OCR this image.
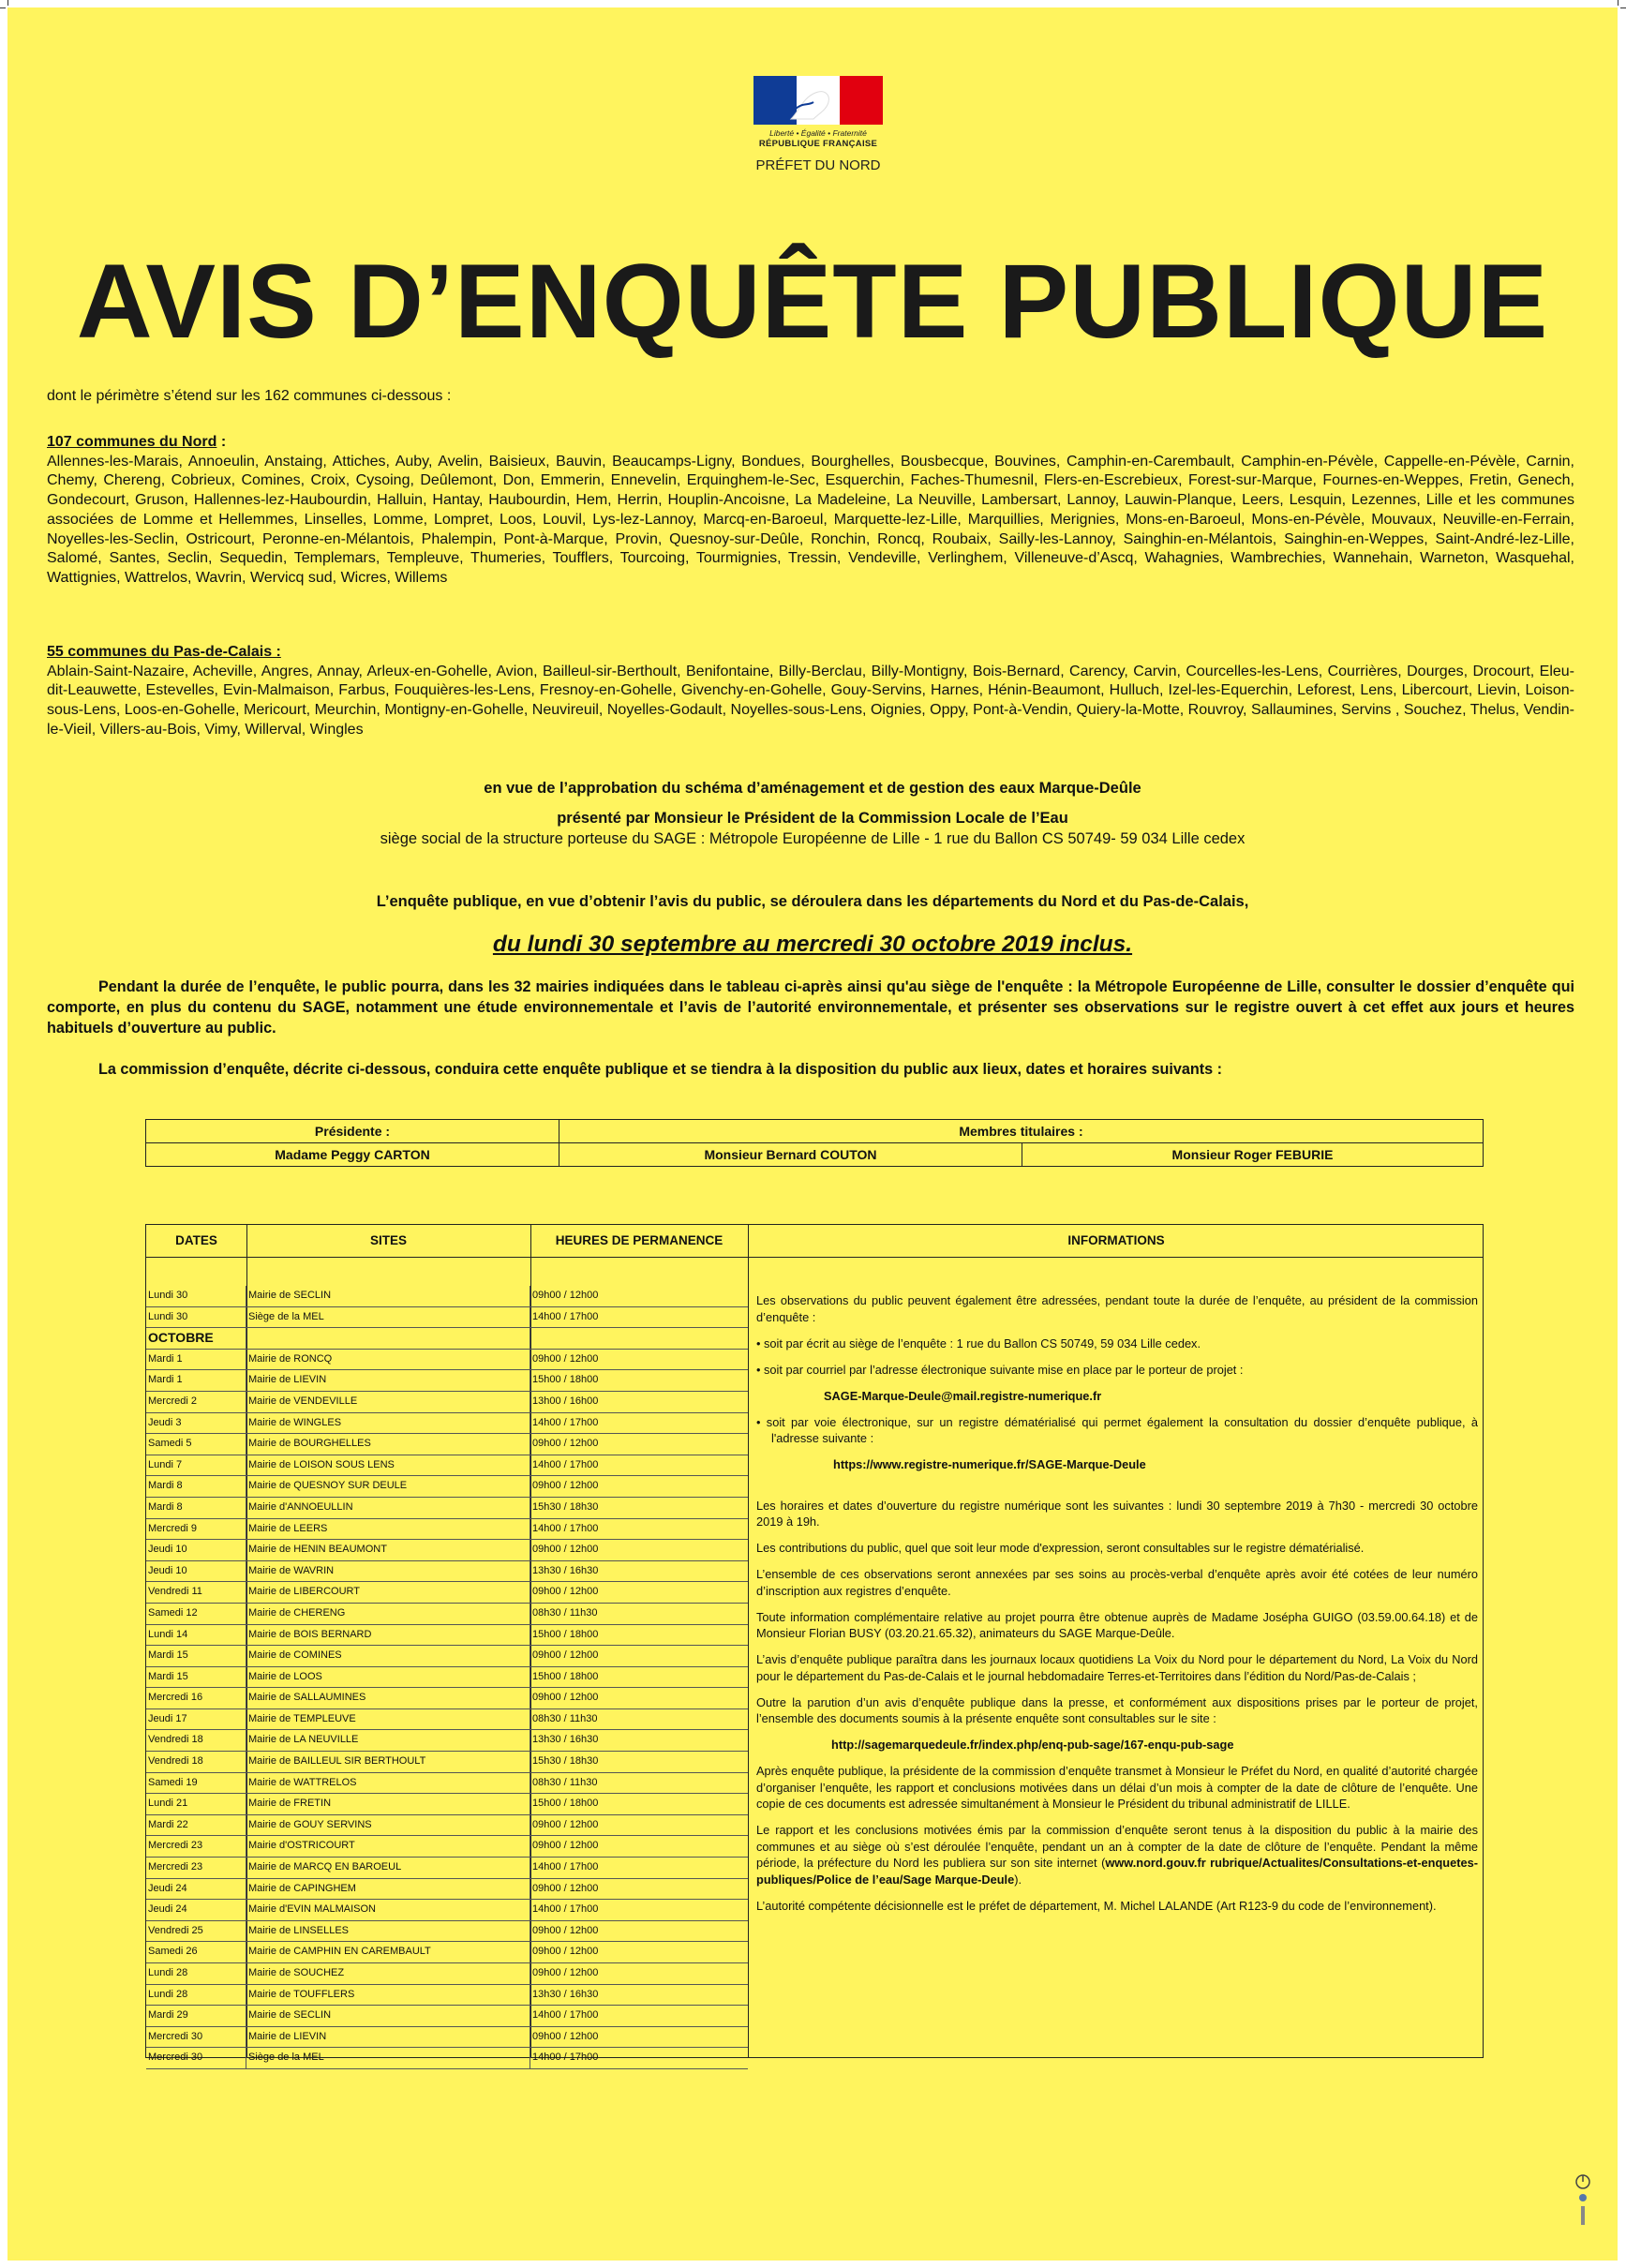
Liberté • Égalité • Fraternité
RÉPUBLIQUE FRANÇAISE
PRÉFET DU NORD
AVIS D’ENQUÊTE PUBLIQUE
dont le périmètre s’étend sur les 162 communes ci-dessous :
107 communes du Nord :
Allennes-les-Marais, Annoeulin, Anstaing, Attiches, Auby, Avelin, Baisieux, Bauvin, Beaucamps-Ligny, Bondues, Bourghelles, Bousbecque, Bouvines, Camphin-en-Carembault, Camphin-en-Pévèle, Cappelle-en-Pévèle, Carnin, Chemy, Chereng, Cobrieux, Comines, Croix, Cysoing, Deûlemont, Don, Emmerin, Ennevelin, Erquinghem-le-Sec, Esquerchin, Faches-Thumesnil, Flers-en-Escrebieux, Forest-sur-Marque, Fournes-en-Weppes, Fretin, Genech, Gondecourt, Gruson, Hallennes-lez-Haubourdin, Halluin, Hantay, Haubourdin, Hem, Herrin, Houplin-Ancoisne, La Madeleine, La Neuville, Lambersart, Lannoy, Lauwin-Planque, Leers, Lesquin, Lezennes, Lille et les communes associées de Lomme et Hellemmes, Linselles, Lomme, Lompret, Loos, Louvil, Lys-lez-Lannoy, Marcq-en-Baroeul, Marquette-lez-Lille, Marquillies, Merignies, Mons-en-Baroeul, Mons-en-Pévèle, Mouvaux, Neuville-en-Ferrain, Noyelles-les-Seclin, Ostricourt, Peronne-en-Mélantois, Phalempin, Pont-à-Marque, Provin, Quesnoy-sur-Deûle, Ronchin, Roncq, Roubaix, Sailly-les-Lannoy, Sainghin-en-Mélantois, Sainghin-en-Weppes, Saint-André-lez-Lille, Salomé, Santes, Seclin, Sequedin, Templemars, Templeuve, Thumeries, Toufflers, Tourcoing, Tourmignies, Tressin, Vendeville, Verlinghem, Villeneuve-d’Ascq, Wahagnies, Wambrechies, Wannehain, Warneton, Wasquehal, Wattignies, Wattrelos, Wavrin, Wervicq sud, Wicres, Willems
55 communes du Pas-de-Calais :
Ablain-Saint-Nazaire, Acheville, Angres, Annay, Arleux-en-Gohelle, Avion, Bailleul-sir-Berthoult, Benifontaine, Billy-Berclau, Billy-Montigny, Bois-Bernard, Carency, Carvin, Courcelles-les-Lens, Courrières, Dourges, Drocourt, Eleu-dit-Leauwette, Estevelles, Evin-Malmaison, Farbus, Fouquières-les-Lens, Fresnoy-en-Gohelle, Givenchy-en-Gohelle, Gouy-Servins, Harnes, Hénin-Beaumont, Hulluch, Izel-les-Equerchin, Leforest, Lens, Libercourt, Lievin, Loison-sous-Lens, Loos-en-Gohelle, Mericourt, Meurchin, Montigny-en-Gohelle, Neuvireuil, Noyelles-Godault, Noyelles-sous-Lens, Oignies, Oppy, Pont-à-Vendin, Quiery-la-Motte, Rouvroy, Sallaumines, Servins , Souchez, Thelus, Vendin-le-Vieil, Villers-au-Bois, Vimy, Willerval, Wingles
en vue de l’approbation du schéma d’aménagement et de gestion des eaux Marque-Deûle
présenté par Monsieur le Président de la Commission Locale de l’Eau
siège social de la structure porteuse du SAGE : Métropole Européenne de Lille - 1 rue du Ballon CS 50749- 59 034 Lille cedex
L’enquête publique, en vue d’obtenir l’avis du public, se déroulera dans les départements du Nord et du Pas-de-Calais,
du lundi 30 septembre au mercredi 30 octobre 2019 inclus.
Pendant la durée de l’enquête, le public pourra, dans les 32 mairies indiquées dans le tableau ci-après ainsi qu'au siège de l'enquête : la Métropole Européenne de Lille, consulter le dossier d’enquête qui comporte, en plus du contenu du SAGE, notamment une étude environnementale et l’avis de l’autorité environnementale, et présenter ses observations sur le registre ouvert à cet effet aux jours et heures habituels d’ouverture au public.
La commission d’enquête, décrite ci-dessous, conduira cette enquête publique et se tiendra à la disposition du public aux lieux, dates et horaires suivants :
Présidente :	Membres titulaires :	
Madame Peggy CARTON	Monsieur Bernard COUTON	Monsieur Roger FEBURIE
DATES	SITES	HEURES DE PERMANENCE	INFORMATIONS
Lundi 30	Mairie de SECLIN	09h00 / 12h00
Lundi 30	Siège de la MEL	14h00 / 17h00
OCTOBRE
Mardi 1	Mairie de RONCQ	09h00 / 12h00
Mardi 1	Mairie de LIEVIN	15h00 / 18h00
Mercredi 2	Mairie de VENDEVILLE	13h00 / 16h00
Jeudi 3	Mairie de WINGLES	14h00 / 17h00
Samedi 5	Mairie de BOURGHELLES	09h00 / 12h00
Lundi 7	Mairie de LOISON SOUS LENS	14h00 / 17h00
Mardi 8	Mairie de QUESNOY SUR DEULE	09h00 / 12h00
Mardi 8	Mairie d'ANNOEULLIN	15h30 / 18h30
Mercredi 9	Mairie de LEERS	14h00 / 17h00
Jeudi 10	Mairie de HENIN BEAUMONT	09h00 / 12h00
Jeudi 10	Mairie de WAVRIN	13h30 / 16h30
Vendredi 11	Mairie de LIBERCOURT	09h00 / 12h00
Samedi 12	Mairie de CHERENG	08h30 / 11h30
Lundi 14	Mairie de BOIS BERNARD	15h00 / 18h00
Mardi 15	Mairie de COMINES	09h00 / 12h00
Mardi 15	Mairie de LOOS	15h00 / 18h00
Mercredi 16	Mairie de SALLAUMINES	09h00 / 12h00
Jeudi 17	Mairie de TEMPLEUVE	08h30 / 11h30
Vendredi 18	Mairie de LA NEUVILLE	13h30 / 16h30
Vendredi 18	Mairie de BAILLEUL SIR BERTHOULT	15h30 / 18h30
Samedi 19	Mairie de WATTRELOS	08h30 / 11h30
Lundi 21	Mairie de FRETIN	15h00 / 18h00
Mardi 22	Mairie de GOUY SERVINS	09h00 / 12h00
Mercredi 23	Mairie d'OSTRICOURT	09h00 / 12h00
Mercredi 23	Mairie de MARCQ EN BAROEUL	14h00 / 17h00
Jeudi 24	Mairie de CAPINGHEM	09h00 / 12h00
Jeudi 24	Mairie d'EVIN MALMAISON	14h00 / 17h00
Vendredi 25	Mairie de LINSELLES	09h00 / 12h00
Samedi 26	Mairie de CAMPHIN EN CAREMBAULT	09h00 / 12h00
Lundi 28	Mairie de SOUCHEZ	09h00 / 12h00
Lundi 28	Mairie de TOUFFLERS	13h30 / 16h30
Mardi 29	Mairie de SECLIN	14h00 / 17h00
Mercredi 30	Mairie de LIEVIN	09h00 / 12h00
Mercredi 30	Siège de la MEL	14h00 / 17h00

Les observations du public peuvent également être adressées, pendant toute la durée de l’enquête, au président de la commission d’enquête :

• soit par écrit au siège de l’enquête : 1 rue du Ballon CS 50749, 59 034 Lille cedex.

• soit par courriel par l’adresse électronique suivante mise en place par le porteur de projet :

SAGE-Marque-Deule@mail.registre-numerique.fr

• soit par voie électronique, sur un registre dématérialisé qui permet également la consultation du dossier d’enquête publique, à l'adresse suivante :

https://www.registre-numerique.fr/SAGE-Marque-Deule

Les horaires et dates d’ouverture du registre numérique sont les suivantes : lundi 30 septembre 2019 à 7h30 - mercredi 30 octobre 2019 à 19h.

Les contributions du public, quel que soit leur mode d'expression, seront consultables sur le registre dématérialisé.

L’ensemble de ces observations seront annexées par ses soins au procès-verbal d’enquête après avoir été cotées de leur numéro d’inscription aux registres d’enquête.

Toute information complémentaire relative au projet pourra être obtenue auprès de Madame Joséphа GUIGO (03.59.00.64.18) et de Monsieur Florian BUSY (03.20.21.65.32), animateurs du SAGE Marque-Deûle.

L’avis d’enquête publique paraîtra dans les journaux locaux quotidiens La Voix du Nord pour le département du Nord, La Voix du Nord pour le département du Pas-de-Calais et le journal hebdomadaire Terres-et-Territoires dans l’édition du Nord/Pas-de-Calais ;

Outre la parution d’un avis d’enquête publique dans la presse, et conformément aux dispositions prises par le porteur de projet, l’ensemble des documents soumis à la présente enquête sont consultables sur le site :

http://sagemarquedeule.fr/index.php/enq-pub-sage/167-enqu-pub-sage

Après enquête publique, la présidente de la commission d’enquête transmet à Monsieur le Préfet du Nord, en qualité d’autorité chargée d’organiser l’enquête, les rapport et conclusions motivées dans un délai d’un mois à compter de la date de clôture de l’enquête. Une copie de ces documents est adressée simultanément à Monsieur le Président du tribunal administratif de LILLE.

Le rapport et les conclusions motivées émis par la commission d’enquête seront tenus à la disposition du public à la mairie des communes et au siège où s’est déroulée l’enquête, pendant un an à compter de la date de clôture de l’enquête. Pendant la même période, la préfecture du Nord les publiera sur son site internet (www.nord.gouv.fr rubrique/Actualites/Consultations-et-enquetes-publiques/Police de l’eau/Sage Marque-Deule).

L’autorité compétente décisionnelle est le préfet de département, M. Michel LALANDE (Art R123-9 du code de l’environnement).
